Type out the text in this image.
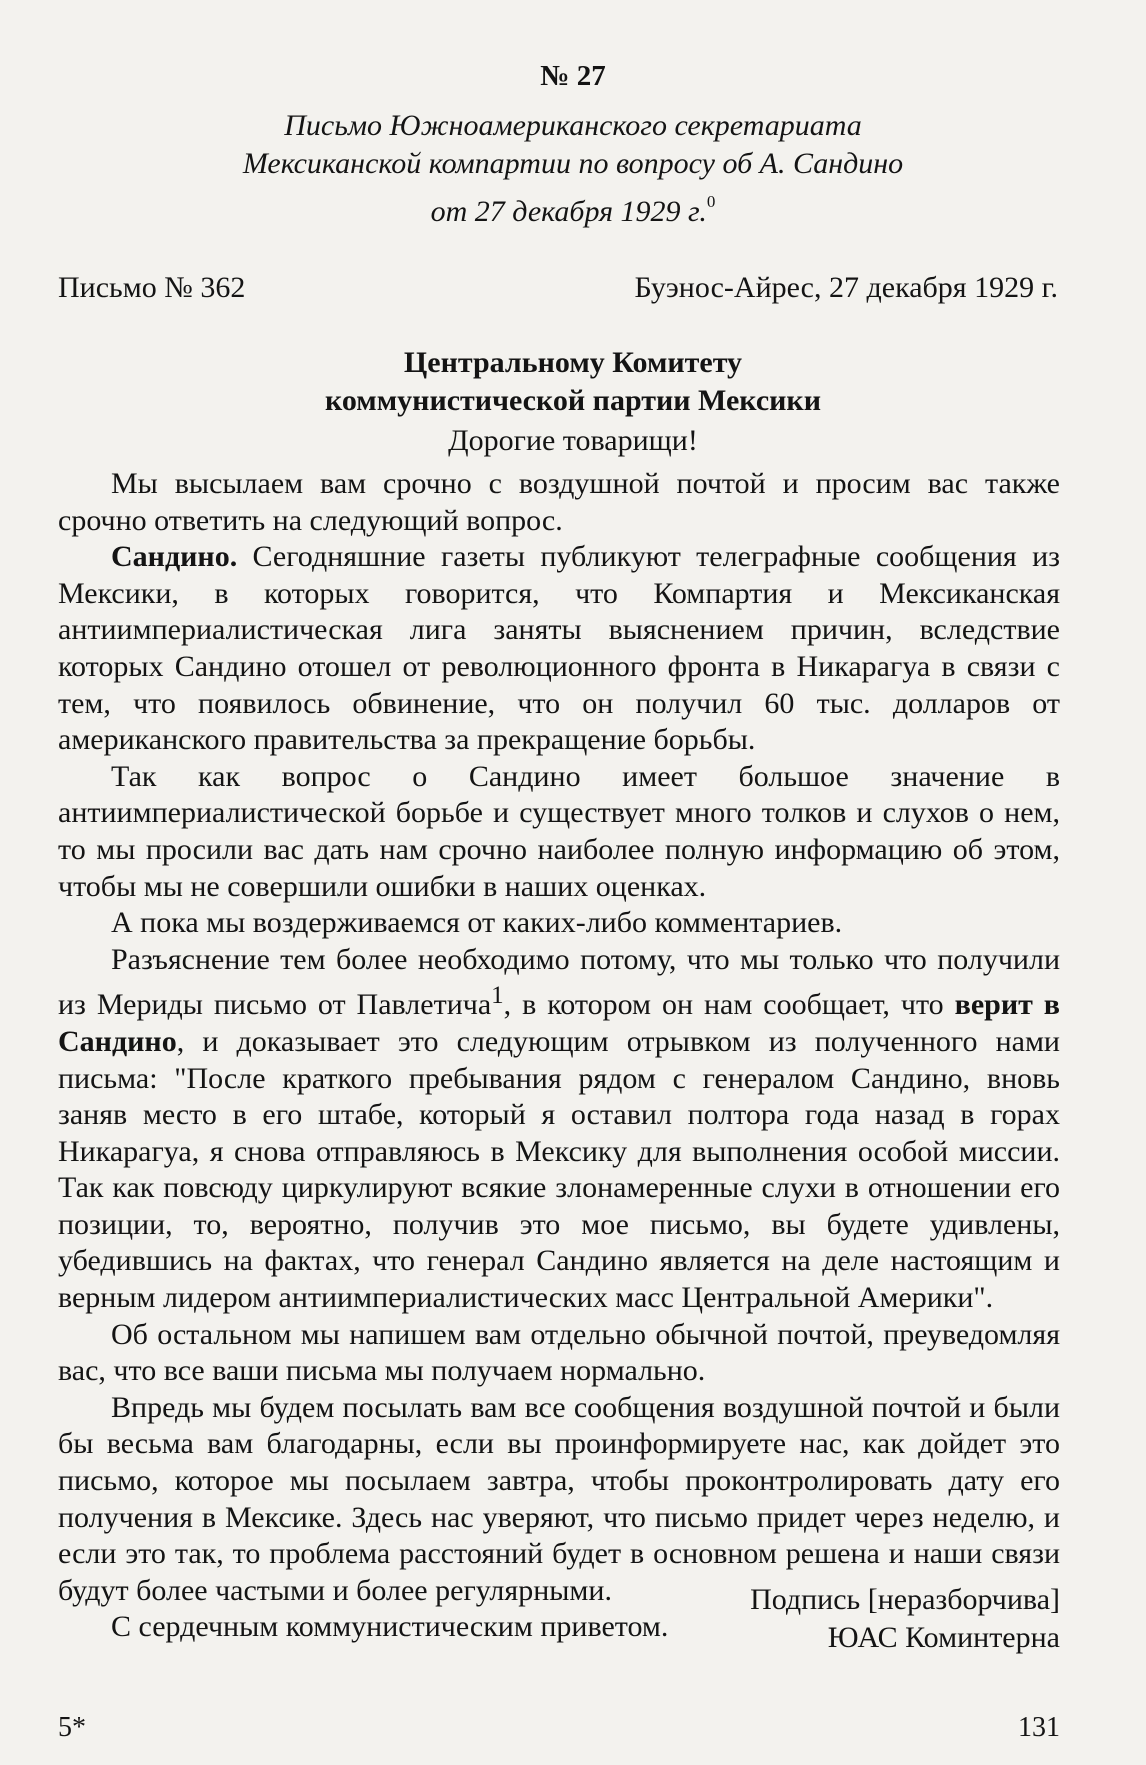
№ 27
Письмо Южноамериканского секретариата
Мексиканской компартии по вопросу об А. Сандино
от 27 декабря 1929 г.$^0$
Письмо № 362	Буэнос-Айрес, 27 декабря 1929 г.
Центральному Комитету
коммунистической партии Мексики
Дорогие товарищи!

Мы высылаем вам срочно с воздушной почтой и просим вас также срочно ответить на следующий вопрос.

Сандино. Сегодняшние газеты публикуют телеграфные сообщения из Мексики, в которых говорится, что Компартия и Мексиканская антиимпериалистическая лига заняты выяснением причин, вследствие которых Сандино отошел от революционного фронта в Никарагуа в связи с тем, что появилось обвинение, что он получил 60 тыс. долларов от американского правительства за прекращение борьбы.

Так как вопрос о Сандино имеет большое значение в антиимпериалистической борьбе и существует много толков и слухов о нем, то мы просили вас дать нам срочно наиболее полную информацию об этом, чтобы мы не совершили ошибки в наших оценках.

А пока мы воздерживаемся от каких-либо комментариев.

Разъяснение тем более необходимо потому, что мы только что получили из Мериды письмо от Павлетича$^1$, в котором он нам сообщает, что верит в Сандино, и доказывает это следующим отрывком из полученного нами письма: "После краткого пребывания рядом с генералом Сандино, вновь заняв место в его штабе, который я оставил полтора года назад в горах Никарагуа, я снова отправляюсь в Мексику для выполнения особой миссии. Так как повсюду циркулируют всякие злонамеренные слухи в отношении его позиции, то, вероятно, получив это мое письмо, вы будете удивлены, убедившись на фактах, что генерал Сандино является на деле настоящим и верным лидером антиимпериалистических масс Центральной Америки".

Об остальном мы напишем вам отдельно обычной почтой, преуведомляя вас, что все ваши письма мы получаем нормально.

Впредь мы будем посылать вам все сообщения воздушной почтой и были бы весьма вам благодарны, если вы проинформируете нас, как дойдет это письмо, которое мы посылаем завтра, чтобы проконтролировать дату его получения в Мексике. Здесь нас уверяют, что письмо придет через неделю, и если это так, то проблема расстояний будет в основном решена и наши связи будут более частыми и более регулярными.

С сердечным коммунистическим приветом.

Подпись [неразборчива]
ЮАС Коминтерна
5*	131
